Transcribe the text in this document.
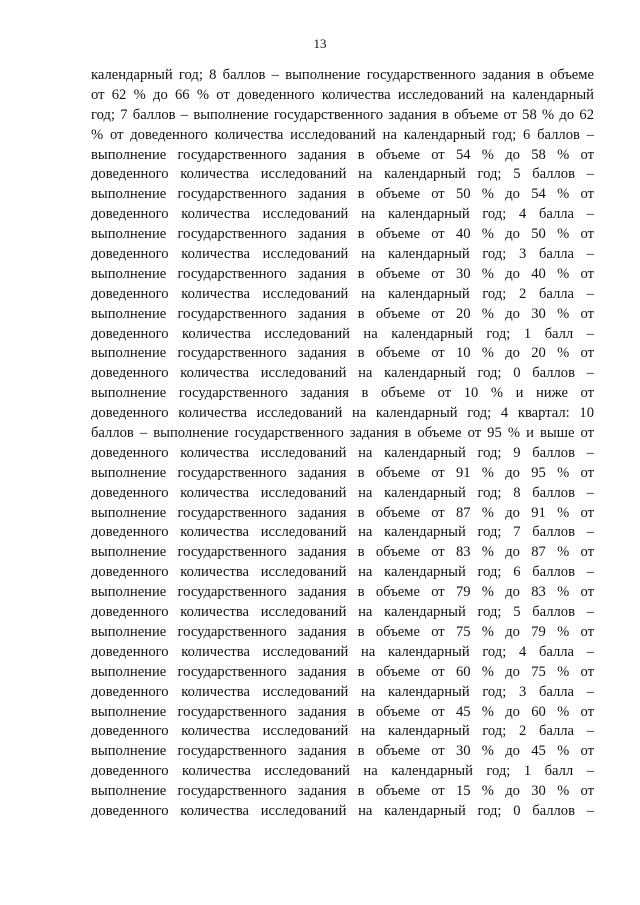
13
календарный год; 8 баллов – выполнение государственного задания в объеме
от 62 % до 66 % от доведенного количества исследований на календарный
год; 7 баллов – выполнение государственного задания в объеме от 58 % до 62
% от доведенного количества исследований на календарный год; 6 баллов –
выполнение государственного задания в объеме от 54 % до 58 % от
доведенного количества исследований на календарный год; 5 баллов –
выполнение государственного задания в объеме от 50 % до 54 % от
доведенного количества исследований на календарный год; 4 балла –
выполнение государственного задания в объеме от 40 % до 50 % от
доведенного количества исследований на календарный год; 3 балла –
выполнение государственного задания в объеме от 30 % до 40 % от
доведенного количества исследований на календарный год; 2 балла –
выполнение государственного задания в объеме от 20 % до 30 % от
доведенного количества исследований на календарный год; 1 балл –
выполнение государственного задания в объеме от 10 % до 20 % от
доведенного количества исследований на календарный год; 0 баллов –
выполнение государственного задания в объеме от 10 % и ниже от
доведенного количества исследований на календарный год; 4 квартал: 10
баллов – выполнение государственного задания в объеме от 95 % и выше от
доведенного количества исследований на календарный год; 9 баллов –
выполнение государственного задания в объеме от 91 % до 95 % от
доведенного количества исследований на календарный год; 8 баллов –
выполнение государственного задания в объеме от 87 % до 91 % от
доведенного количества исследований на календарный год; 7 баллов –
выполнение государственного задания в объеме от 83 % до 87 % от
доведенного количества исследований на календарный год; 6 баллов –
выполнение государственного задания в объеме от 79 % до 83 % от
доведенного количества исследований на календарный год; 5 баллов –
выполнение государственного задания в объеме от 75 % до 79 % от
доведенного количества исследований на календарный год; 4 балла –
выполнение государственного задания в объеме от 60 % до 75 % от
доведенного количества исследований на календарный год; 3 балла –
выполнение государственного задания в объеме от 45 % до 60 % от
доведенного количества исследований на календарный год; 2 балла –
выполнение государственного задания в объеме от 30 % до 45 % от
доведенного количества исследований на календарный год; 1 балл –
выполнение государственного задания в объеме от 15 % до 30 % от
доведенного количества исследований на календарный год; 0 баллов –
